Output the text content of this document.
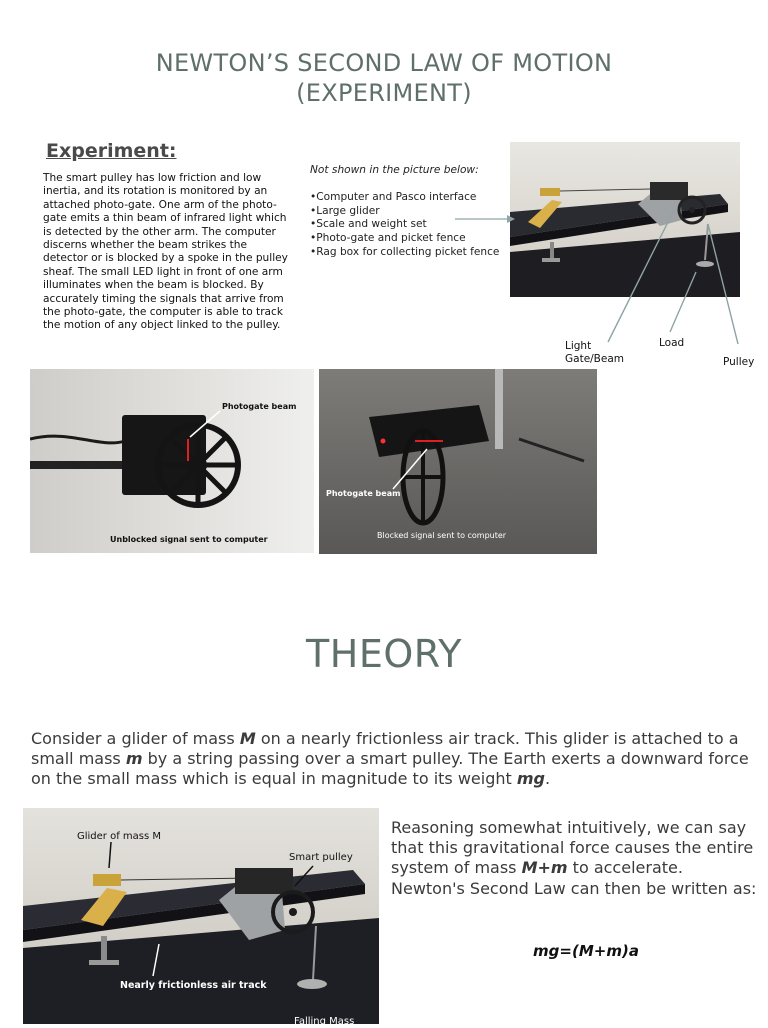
NEWTON’S SECOND LAW OF MOTION
(EXPERIMENT)
Experiment:
The smart pulley has low friction and low inertia, and its rotation is monitored by an attached photo-gate. One arm of the photo-gate emits a thin beam of infrared light which is detected by the other arm. The computer discerns whether the beam strikes the detector or is blocked by a spoke in the pulley sheaf. The small LED light in front of one arm illuminates when the beam is blocked. By accurately timing the signals that arrive from the photo-gate, the computer is able to track the motion of any object linked to the pulley.
Not shown in the picture below:
•Computer and Pasco interface
•Large glider
•Scale and weight set
•Photo-gate and picket fence
•Rag box for collecting picket fence
Light
Gate/Beam
Load
Pulley
Photogate beam
Unblocked signal sent to computer
Photogate beam
Blocked signal sent to computer
THEORY
Consider a glider of mass M on a nearly frictionless air track. This glider is attached to a
small mass m by a string passing over a smart pulley. The Earth exerts a downward force on the small mass which is equal in magnitude to its weight mg.
Glider of mass M
Smart pulley
Nearly frictionless air track
Falling Mass
Reasoning somewhat intuitively, we can say that this gravitational force causes the entire system of mass M+m to accelerate. Newton's Second Law can then be written as:
mg=(M+m)a
